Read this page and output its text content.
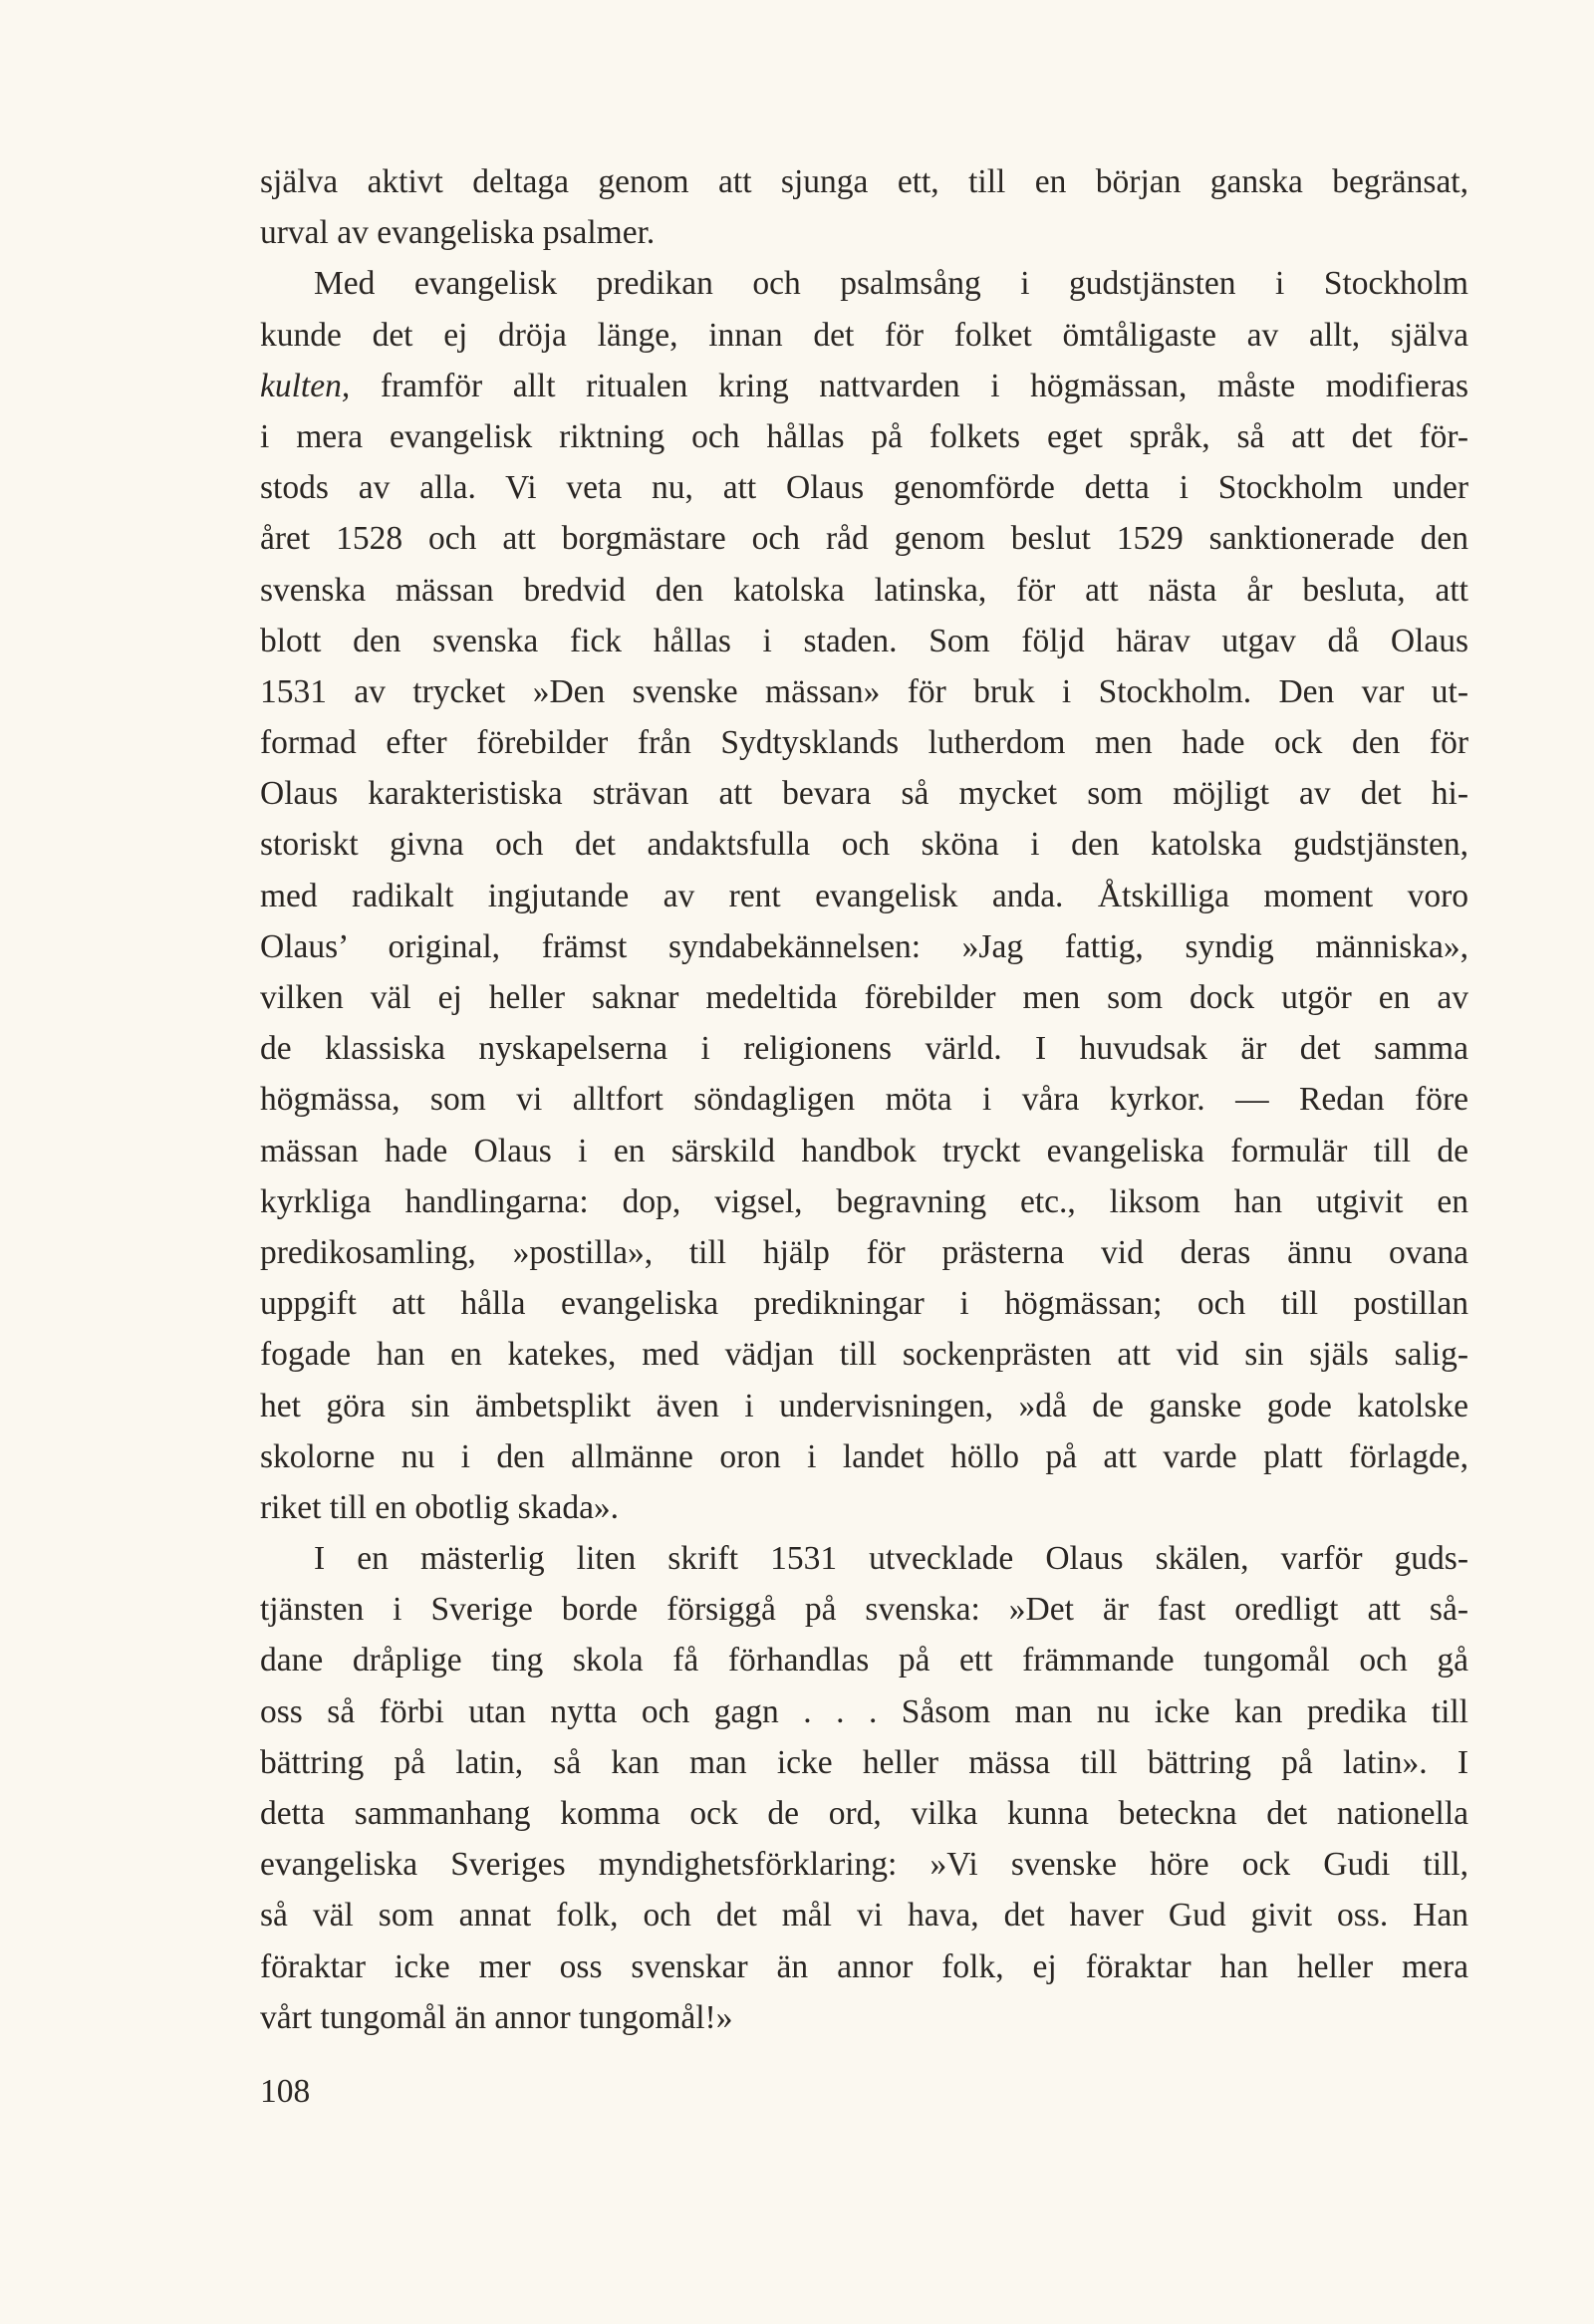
själva aktivt deltaga genom att sjunga ett, till en början ganska begränsat,
urval av evangeliska psalmer.
Med evangelisk predikan och psalmsång i gudstjänsten i Stockholm
kunde det ej dröja länge, innan det för folket ömtåligaste av allt, själva
kulten, framför allt ritualen kring nattvarden i högmässan, måste modifieras
i mera evangelisk riktning och hållas på folkets eget språk, så att det för-
stods av alla. Vi veta nu, att Olaus genomförde detta i Stockholm under
året 1528 och att borgmästare och råd genom beslut 1529 sanktionerade den
svenska mässan bredvid den katolska latinska, för att nästa år besluta, att
blott den svenska fick hållas i staden. Som följd härav utgav då Olaus
1531 av trycket »Den svenske mässan» för bruk i Stockholm. Den var ut-
formad efter förebilder från Sydtysklands lutherdom men hade ock den för
Olaus karakteristiska strävan att bevara så mycket som möjligt av det hi-
storiskt givna och det andaktsfulla och sköna i den katolska gudstjänsten,
med radikalt ingjutande av rent evangelisk anda. Åtskilliga moment voro
Olaus’ original, främst syndabekännelsen: »Jag fattig, syndig människa»,
vilken väl ej heller saknar medeltida förebilder men som dock utgör en av
de klassiska nyskapelserna i religionens värld. I huvudsak är det samma
högmässa, som vi alltfort söndagligen möta i våra kyrkor. — Redan före
mässan hade Olaus i en särskild handbok tryckt evangeliska formulär till de
kyrkliga handlingarna: dop, vigsel, begravning etc., liksom han utgivit en
predikosamling, »postilla», till hjälp för prästerna vid deras ännu ovana
uppgift att hålla evangeliska predikningar i högmässan; och till postillan
fogade han en katekes, med vädjan till sockenprästen att vid sin själs salig-
het göra sin ämbetsplikt även i undervisningen, »då de ganske gode katolske
skolorne nu i den allmänne oron i landet höllo på att varde platt förlagde,
riket till en obotlig skada».
I en mästerlig liten skrift 1531 utvecklade Olaus skälen, varför guds-
tjänsten i Sverige borde försiggå på svenska: »Det är fast oredligt att så-
dane dråplige ting skola få förhandlas på ett främmande tungomål och gå
oss så förbi utan nytta och gagn . . . Såsom man nu icke kan predika till
bättring på latin, så kan man icke heller mässa till bättring på latin». I
detta sammanhang komma ock de ord, vilka kunna beteckna det nationella
evangeliska Sveriges myndighetsförklaring: »Vi svenske höre ock Gudi till,
så väl som annat folk, och det mål vi hava, det haver Gud givit oss. Han
föraktar icke mer oss svenskar än annor folk, ej föraktar han heller mera
vårt tungomål än annor tungomål!»
108
